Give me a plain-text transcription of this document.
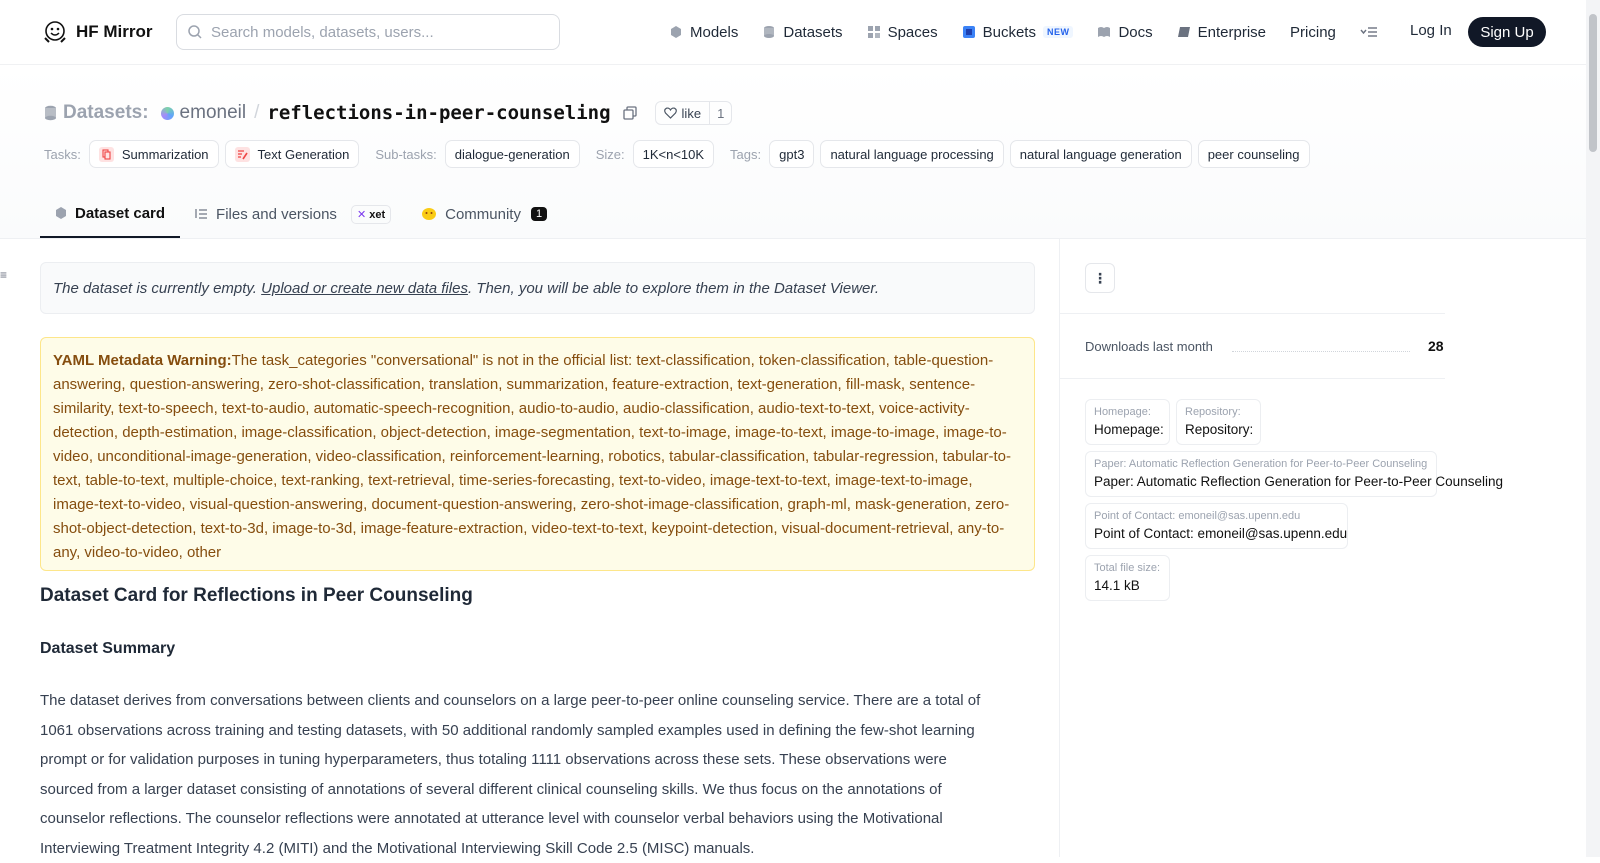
HF Mirror	Search models, datasets, users...	Models	Datasets	Spaces	Buckets	NEW	Docs	Enterprise Pricing	Log In	Sign Up
Datasets: emoneil / reflections-in-peer-counseling	like	1
Tasks:	Summarization	Text Generation Sub-tasks: dialogue-generation Size: 1K<n<10K Tags: gpt3 natural language processing natural language generation peer counseling
Dataset card	Files and versions	✕ xet	Community	1
≡
The dataset is currently empty.
Upload or create new data files . Then, you will be able to explore them in the Dataset Viewer.
YAML Metadata Warning:The task_categories "conversational" is not in the official list: text-classification, token-classification, table-question-answering, question-answering, zero-shot-classification, translation, summarization, feature-extraction, text-generation, fill-mask, sentence-similarity, text-to-speech, text-to-audio, automatic-speech-recognition, audio-to-audio, audio-classification, audio-text-to-text, voice-activity-detection, depth-estimation, image-classification, object-detection, image-segmentation, text-to-image, image-to-text, image-to-image, image-to-video, unconditional-image-generation, video-classification, reinforcement-learning, robotics, tabular-classification, tabular-regression, tabular-to-text, table-to-text, multiple-choice, text-ranking, text-retrieval, time-series-forecasting, text-to-video, image-text-to-text, image-text-to-image, image-text-to-video, visual-question-answering, document-question-answering, zero-shot-image-classification, graph-ml, mask-generation, zero-shot-object-detection, text-to-3d, image-to-3d, image-feature-extraction, video-text-to-text, keypoint-detection, visual-document-retrieval, any-to-any, video-to-video, other
Dataset Card for Reflections in Peer Counseling
Dataset Summary

The dataset derives from conversations between clients and counselors on a large peer-to-peer online counseling service. There are a total of 1061 observations across training and testing datasets, with 50 additional randomly sampled examples used in defining the few-shot learning prompt or for validation purposes in tuning hyperparameters, thus totaling 1111 observations across these sets. These observations were sourced from a larger dataset consisting of annotations of several different clinical counseling skills. We thus focus on the annotations of counselor reflections. The counselor reflections were annotated at utterance level with counselor verbal behaviors using the Motivational Interviewing Treatment Integrity 4.2 (MITI) and the Motivational Interviewing Skill Code 2.5 (MISC) manuals.

⋮
Downloads last month	28
Homepage:
Homepage:
Repository:
Repository:
Paper: Automatic Reflection Generation for Peer-to-Peer Counseling
Paper: Automatic Reflection Generation for Peer-to-Peer Counseling
Point of Contact: emoneil@sas.upenn.edu
Point of Contact: emoneil@sas.upenn.edu
Total file size:
14.1 kB
